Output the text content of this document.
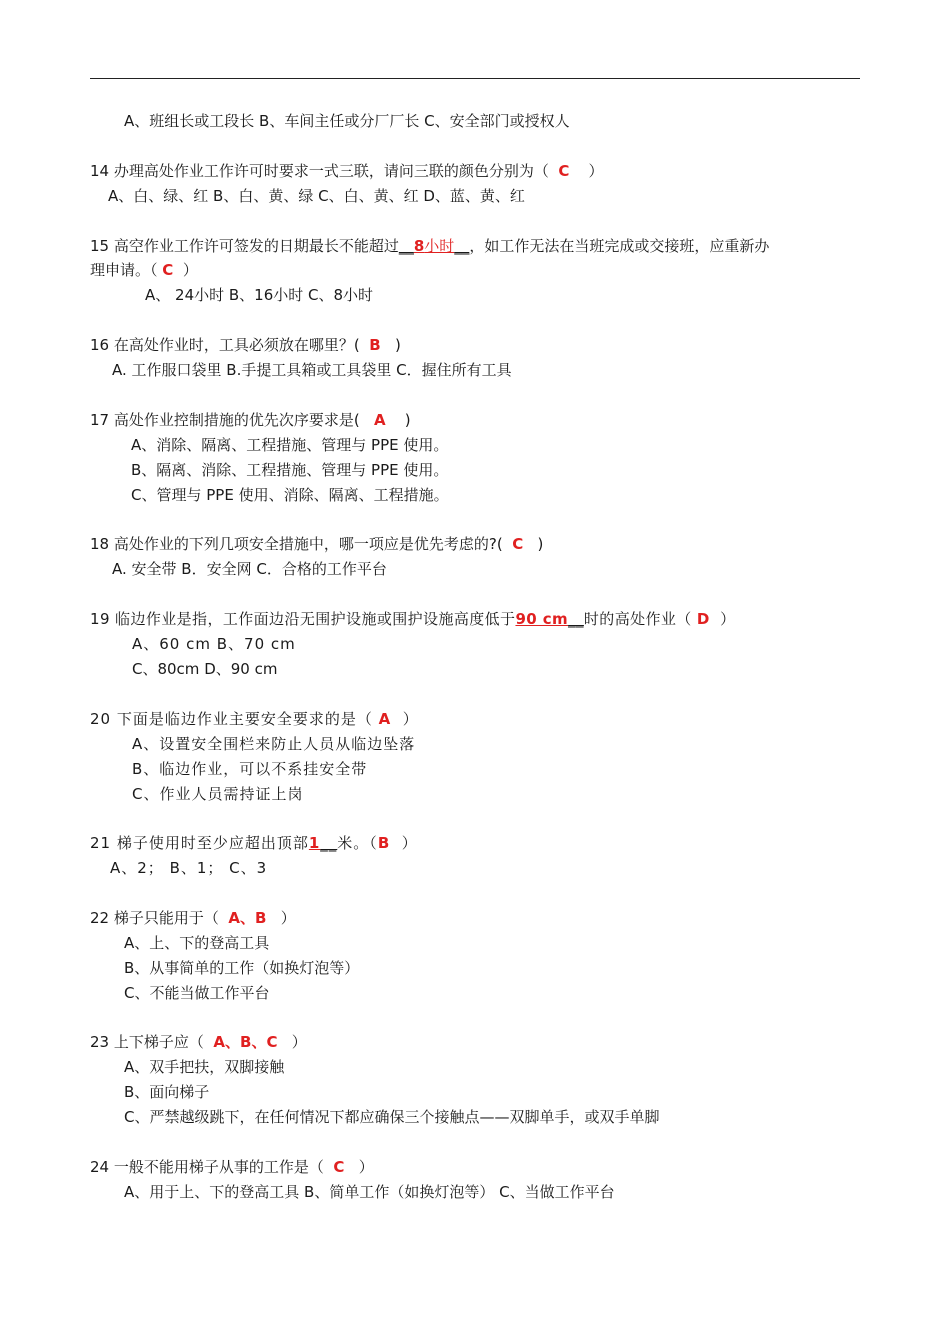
A、班组长或工段长 B、车间主任或分厂厂长 C、安全部门或授权人
14 办理高处作业工作许可时要求一式三联，请问三联的颜色分别为（ C ）
A、白、绿、红 B、白、黄、绿 C、白、黄、红 D、蓝、黄、红
15 高空作业工作许可签发的日期最长不能超过__8小时__，如工作无法在当班完成或交接班，应重新办
理申请。（ C ）
A、 24小时 B、16小时 C、8小时
16 在高处作业时，工具必须放在哪里？( B )
A. 工作服口袋里 B.手提工具箱或工具袋里 C．握住所有工具
17 高处作业控制措施的优先次序要求是( A )
A、消除、隔离、工程措施、管理与 PPE 使用。
B、隔离、消除、工程措施、管理与 PPE 使用。
C、管理与 PPE 使用、消除、隔离、工程措施。
18 高处作业的下列几项安全措施中，哪一项应是优先考虑的?( C )
A. 安全带 B．安全网 C．合格的工作平台
19 临边作业是指，工作面边沿无围护设施或围护设施高度低于90 cm__时的高处作业（ D ）
A、60 cm B、70 cm
C、80cm D、90 cm
20 下面是临边作业主要安全要求的是（ A ）
A、设置安全围栏来防止人员从临边坠落
B、临边作业，可以不系挂安全带
C、作业人员需持证上岗
21 梯子使用时至少应超出顶部1__米。（B ）
A、2； B、1； C、3
22 梯子只能用于（ A、B ）
A、上、下的登高工具
B、从事简单的工作（如换灯泡等）
C、不能当做工作平台
23 上下梯子应（ A、B、C ）
A、双手把扶，双脚接触
B、面向梯子
C、严禁越级跳下，在任何情况下都应确保三个接触点——双脚单手，或双手单脚
24 一般不能用梯子从事的工作是（ C ）
A、用于上、下的登高工具 B、简单工作（如换灯泡等） C、当做工作平台
